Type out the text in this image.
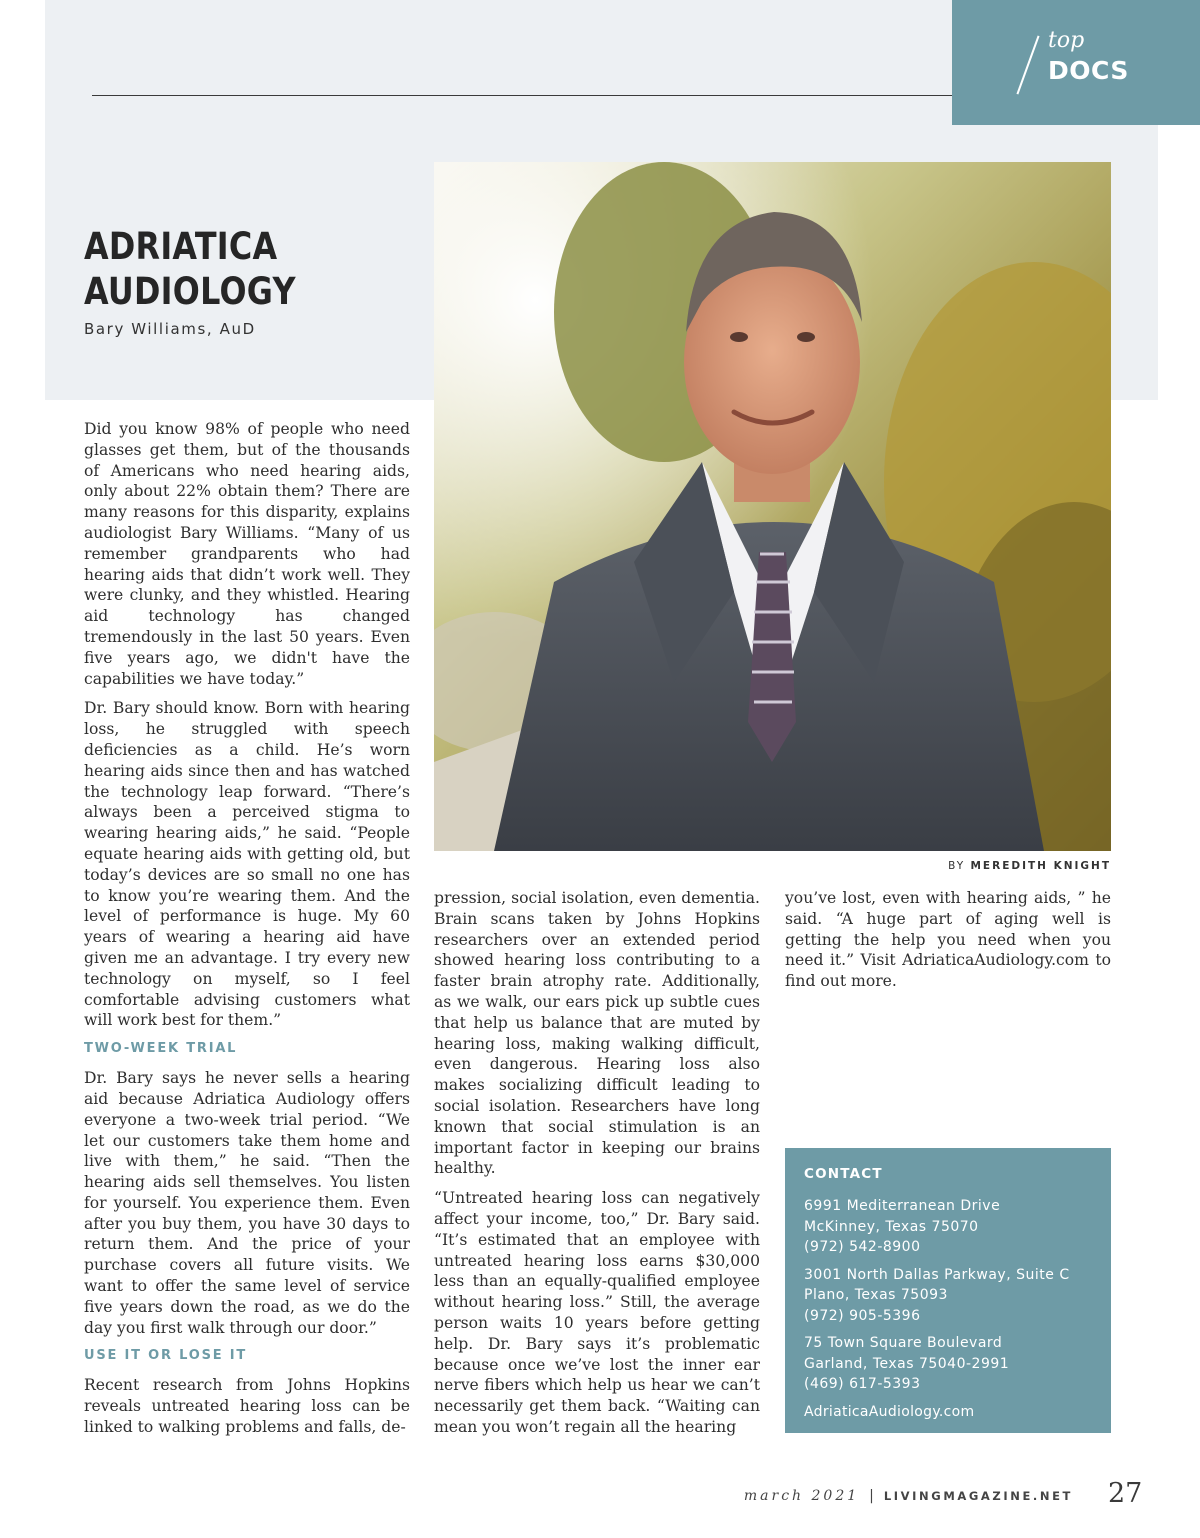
top
DOCS
ADRIATICA AUDIOLOGY
Bary Williams, AuD
BY MEREDITH KNIGHT

Did you know 98% of people who need glasses get them, but of the thousands of Americans who need hearing aids, only about 22% obtain them? There are many reasons for this disparity, explains audiologist Bary Williams. “Many of us remember grandparents who had hearing aids that didn’t work well. They were clunky, and they whistled. Hearing aid technology has changed tremendously in the last 50 years. Even five years ago, we didn't have the capabilities we have today.”

Dr. Bary should know. Born with hearing loss, he struggled with speech deficiencies as a child. He’s worn hearing aids since then and has watched the technology leap forward. “There’s always been a perceived stigma to wearing hearing aids,” he said. “People equate hearing aids with getting old, but today’s devices are so small no one has to know you’re wearing them. And the level of performance is huge. My 60 years of wearing a hearing aid have given me an advantage. I try every new technology on myself, so I feel comfortable advising customers what will work best for them.”

TWO-WEEK TRIAL

Dr. Bary says he never sells a hearing aid because Adriatica Audiology offers everyone a two-week trial period. “We let our customers take them home and live with them,” he said. “Then the hearing aids sell themselves. You listen for yourself. You experience them. Even after you buy them, you have 30 days to return them. And the price of your purchase covers all future visits. We want to offer the same level of service five years down the road, as we do the day you first walk through our door.”

USE IT OR LOSE IT

Recent research from Johns Hopkins reveals untreated hearing loss can be linked to walking problems and falls, de-

pression, social isolation, even dementia. Brain scans taken by Johns Hopkins researchers over an extended period showed hearing loss contributing to a faster brain atrophy rate. Additionally, as we walk, our ears pick up subtle cues that help us balance that are muted by hearing loss, making walking difficult, even dangerous. Hearing loss also makes socializing difficult leading to social isolation. Researchers have long known that social stimulation is an important factor in keeping our brains healthy.

“Untreated hearing loss can negatively affect your income, too,” Dr. Bary said. “It’s estimated that an employee with untreated hearing loss earns $30,000 less than an equally-qualified employee without hearing loss.” Still, the average person waits 10 years before getting help. Dr. Bary says it’s problematic because once we’ve lost the inner ear nerve fibers which help us hear we can’t necessarily get them back. “Waiting can mean you won’t regain all the hearing

you’ve lost, even with hearing aids, ” he said. “A huge part of aging well is getting the help you need when you need it.” Visit AdriaticaAudiology.com to find out more.

CONTACT
6991 Mediterranean Drive
McKinney, Texas 75070
(972) 542-8900
3001 North Dallas Parkway, Suite C
Plano, Texas 75093
(972) 905-5396
75 Town Square Boulevard
Garland, Texas 75040-2991
(469) 617-5393
AdriaticaAudiology.com
march 2021 | LIVINGMAGAZINE.NET 27
